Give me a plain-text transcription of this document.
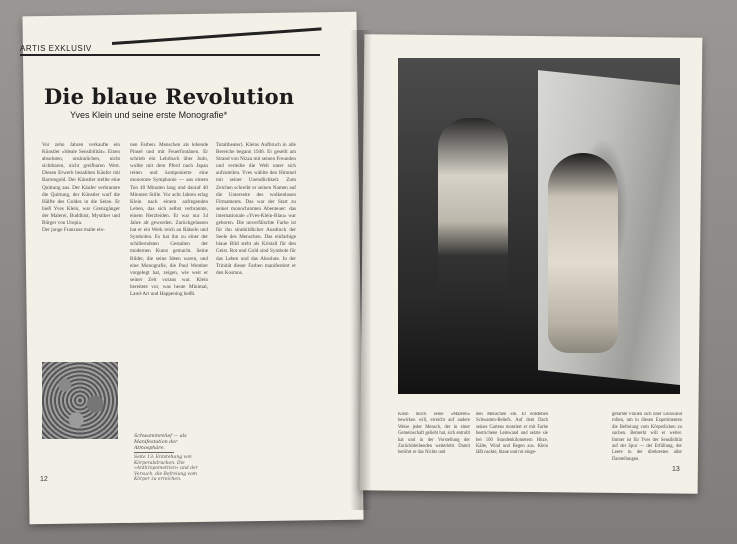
ARTIS EXKLUSIV
Die blaue Revolution
Yves Klein und seine erste Monografie*

Vor zehn Jahren verkaufte ein Künstler »Ideale Sensibilität«. Einen absoluten, unsinnlichen, nicht sichtbaren, nicht greifbaren Wert. Diesen Erwerb bezahlten Käufer mit Barrengold. Der Künstler stellte eine Quittung aus. Der Käufer verbrannte die Quittung, der Künstler warf die Hälfte des Goldes in die Seine. Er hieß Yves Klein, war Grenzgänger der Malerei, Buddhist, Mystiker und Bürger von Utopia.

Der junge Franzose malte ein-

nen Farben. Menschen als lebende Pinsel und mit Feuerfontänen. Er schrieb ein Lehrbuch über Judo, wollte mit dem Pferd nach Japan reiten und komponierte eine monotone Symphonie — aus einem Ton 40 Minuten lang und darauf 40 Minuten Stille. Vor acht Jahren erlag Klein nach einem aufregenden Leben, das sich selbst verbrannte, einem Herzleiden. Er war nur 34 Jahre alt geworden. Zurückgelassen hat er ein Werk reich an Rätseln und Symbolen. Es hat ihn zu einer der schillerndsten Gestalten der modernen Kunst gemacht. Seine Bilder, die seine Ideen waren, und eine Monografie, die Paul Wember vorgelegt hat, zeigen, wie weit er seiner Zeit voraus war. Klein bereitete vor, was heute Minimal, Land-Art und Happening heißt.

Totaltheater). Kleins Aufbruch in alle Bereiche begann 1946. Er gesellt am Strand von Nizza mit seinen Freunden und verteilte die Welt unter sich aufzuteilen. Yves wählte den Himmel mit seiner Unendlichkeit. Zum Zeichen schreibt er seinen Namen auf die Unterseite des wolkenlosen Firmaments. Das war der Start zu seiner monochromen Abenteuer: das internationale »Yves-Klein-Blau« war geboren. Die unverfälschte Farbe ist für ihn sinnbildlicher Ausdruck der Seele des Menschen. Das einfarbige blaue Bild steht als Kristall für den Geist. Rot und Gold sind Symbole für das Leben und das Absolute. In der Trinität dieser Farben manifestiert er den Kosmos.

Schwammrelief — als Manifestation der Atmosphäre.
Seite 13: Entstehung von Körperabdrucken. Die »Anthropometrien« und der Versuch, die Befreiung vom Körper zu erreichen.
12
Klein durch seine »Malerei« bewirken will, erreicht auf andere Weise jeder Mensch, der in einer Gemeinschaft geliebt hat, sich entrollt hat und in der Vorstellung der Zurückbleibenden weiterlebt. Damit berührt er das Nichts und
den Menschen ein. Er entstehen Schwamm-Reliefs. Auf dem Dach seines Gartens montiert er mit Farbe bestrichene Leinwand und setzte sie bei 100 Stundenkilometern Hitze, Kälte, Wind und Regen aus. Klein läßt nackte, blaue und rot einge-
gefärbte Frauen sich über Leinwand rollen, um in diesen Experimenten die Befreiung vom Körperlichen zu suchen. Bemerkt will er weiter. Immer ist für Yves der Sensibilität auf der Spur — der Erfüllung, der Leere in der direktesten aller Darstellungen.
13
